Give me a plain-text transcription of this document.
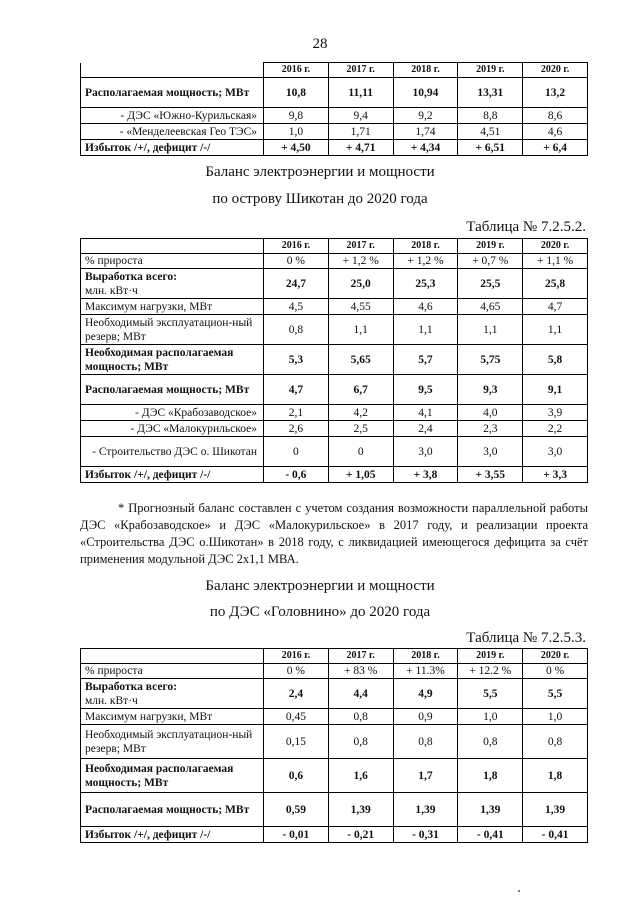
28
	2016 г.	2017 г.	2018 г.	2019 г.	2020 г.
Располагаемая мощность; МВт	10,8	11,11	10,94	13,31	13,2
- ДЭС «Южно-Курильская»	9,8	9,4	9,2	8,8	8,6
- «Менделеевская Гео ТЭС»	1,0	1,71	1,74	4,51	4,6
Избыток /+/, дефицит /-/	+ 4,50	+ 4,71	+ 4,34	+ 6,51	+ 6,4
Баланс электроэнергии и мощности
по острову Шикотан до 2020 года
Таблица № 7.2.5.2.
	2016 г.	2017 г.	2018 г.	2019 г.	2020 г.
% прироста	0 %	+ 1,2 %	+ 1,2 %	+ 0,7 %	+ 1,1 %
Выработка всего:
млн. кВт·ч	24,7	25,0	25,3	25,5	25,8
Максимум нагрузки, МВт	4,5	4,55	4,6	4,65	4,7
Необходимый эксплуатацион-ный резерв; МВт	0,8	1,1	1,1	1,1	1,1
Необходимая располагаемая мощность; МВт	5,3	5,65	5,7	5,75	5,8
Располагаемая мощность; МВт	4,7	6,7	9,5	9,3	9,1
- ДЭС «Крабозаводское»	2,1	4,2	4,1	4,0	3,9
- ДЭС «Малокурильское»	2,6	2,5	2,4	2,3	2,2
- Строительство ДЭС о. Шикотан	0	0	3,0	3,0	3,0
Избыток /+/, дефицит /-/	- 0,6	+ 1,05	+ 3,8	+ 3,55	+ 3,3
* Прогнозный баланс составлен с учетом создания возможности параллельной работы ДЭС «Крабозаводское» и ДЭС «Малокурильское» в 2017 году, и реализации проекта «Строительства ДЭС о.Шикотан» в 2018 году, с ликвидацией имеющегося дефицита за счёт применения модульной ДЭС 2х1,1 МВА.
Баланс электроэнергии и мощности
по ДЭС «Головнино» до 2020 года
Таблица № 7.2.5.3.
	2016 г.	2017 г.	2018 г.	2019 г.	2020 г.
% прироста	0 %	+ 83 %	+ 11.3%	+ 12.2 %	0 %
Выработка всего:
млн. кВт·ч	2,4	4,4	4,9	5,5	5,5
Максимум нагрузки, МВт	0,45	0,8	0,9	1,0	1,0
Необходимый эксплуатацион-ный резерв; МВт	0,15	0,8	0,8	0,8	0,8
Необходимая располагаемая мощность; МВт	0,6	1,6	1,7	1,8	1,8
Располагаемая мощность; МВт	0,59	1,39	1,39	1,39	1,39
Избыток /+/, дефицит /-/	- 0,01	- 0,21	- 0,31	- 0,41	- 0,41
